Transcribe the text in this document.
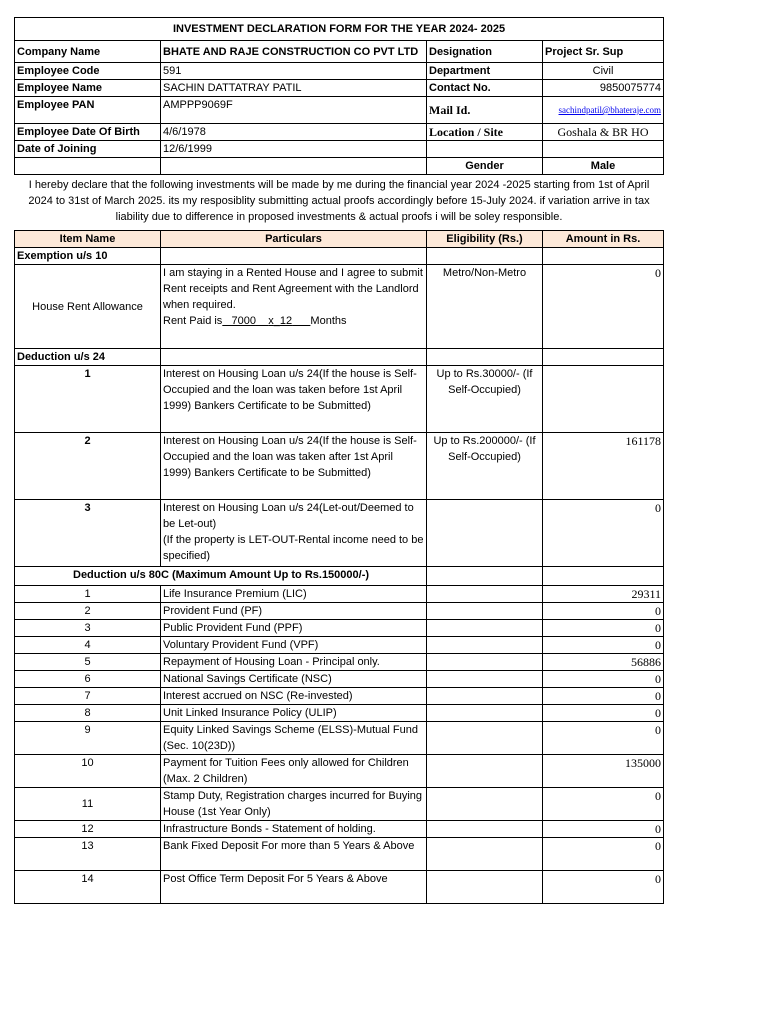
INVESTMENT DECLARATION FORM FOR THE YEAR 2024- 2025			
Company Name	BHATE AND RAJE CONSTRUCTION CO PVT LTD	Designation	Project Sr. Sup
Employee Code	591	Department	Civil
Employee Name	SACHIN DATTATRAY PATIL	Contact No.	9850075774
Employee PAN	AMPPP9069F	Mail Id.	sachindpatil@bhateraje.com
Employee Date Of Birth	4/6/1978	Location / Site	Goshala & BR HO
Date of Joining	12/6/1999		
		Gender	Male
I hereby declare that the following investments will be made by me during the financial year 2024 -2025 starting from 1st of April 2024 to 31st of March 2025. its my resposiblity submitting actual proofs accordingly before 15-July 2024. if variation arrive in tax liability due to difference in proposed investments & actual proofs i will be soley responsible.			
Item Name	Particulars	Eligibility (Rs.)	Amount in Rs.
Exemption u/s 10			
House Rent Allowance	I am staying in a Rented House and I agree to submit Rent receipts and Rent Agreement with the Landlord when required.
Rent Paid is 7000 x_12 Months	Metro/Non-Metro	0
Deduction u/s 24			
1	Interest on Housing Loan u/s 24(If the house is Self-Occupied and the loan was taken before 1st April 1999) Bankers Certificate to be Submitted)	Up to Rs.30000/- (If Self-Occupied)	
2	Interest on Housing Loan u/s 24(If the house is Self-Occupied and the loan was taken after 1st April 1999) Bankers Certificate to be Submitted)	Up to Rs.200000/- (If Self-Occupied)	161178
3	Interest on Housing Loan u/s 24(Let-out/Deemed to be Let-out)
(If the property is LET-OUT-Rental income need to be specified)		0
Deduction u/s 80C (Maximum Amount Up to Rs.150000/-)			
1	Life Insurance Premium (LIC)		29311
2	Provident Fund (PF)		0
3	Public Provident Fund (PPF)		0
4	Voluntary Provident Fund (VPF)		0
5	Repayment of Housing Loan - Principal only.		56886
6	National Savings Certificate (NSC)		0
7	Interest accrued on NSC (Re-invested)		0
8	Unit Linked Insurance Policy (ULIP)		0
9	Equity Linked Savings Scheme (ELSS)-Mutual Fund (Sec. 10(23D))		0
10	Payment for Tuition Fees only allowed for Children (Max. 2 Children)		135000
11	Stamp Duty, Registration charges incurred for Buying House (1st Year Only)		0
12	Infrastructure Bonds - Statement of holding.		0
13	Bank Fixed Deposit For more than 5 Years & Above		0
14	Post Office Term Deposit For 5 Years & Above		0
